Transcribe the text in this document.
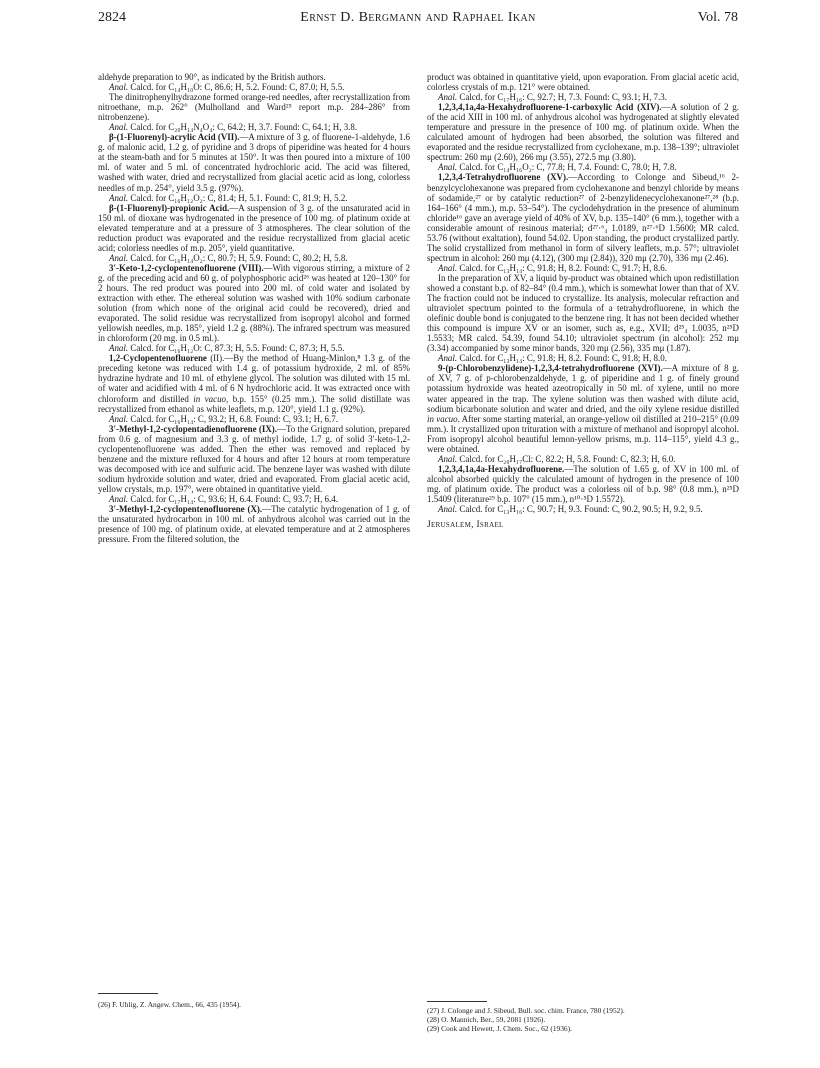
2824	Ernst D. Bergmann and Raphael Ikan	Vol. 78

aldehyde preparation to 90°, as indicated by the British authors.

Anal. Calcd. for C₁₄H₁₀O: C, 86.6; H, 5.2. Found: C, 87.0; H, 5.5.

The dinitrophenylhydrazone formed orange-red needles, after recrystallization from nitroethane, m.p. 262° (Mulholland and Ward²⁵ report m.p. 284–286° from nitrobenzene).

Anal. Calcd. for C₂₀H₁₄N₄O₄: C, 64.2; H, 3.7. Found: C, 64.1; H, 3.8.

β-(1-Fluorenyl)-acrylic Acid (VII).—A mixture of 3 g. of fluorene-1-aldehyde, 1.6 g. of malonic acid, 1.2 g. of pyridine and 3 drops of piperidine was heated for 4 hours at the steam-bath and for 5 minutes at 150°. It was then poured into a mixture of 100 ml. of water and 5 ml. of concentrated hydrochloric acid. The acid was filtered, washed with water, dried and recrystallized from glacial acetic acid as long, colorless needles of m.p. 254°, yield 3.5 g. (97%).

Anal. Calcd. for C₁₆H₁₂O₂: C, 81.4; H, 5.1. Found: C, 81.9; H, 5.2.

β-(1-Fluorenyl)-propionic Acid.—A suspension of 3 g. of the unsaturated acid in 150 ml. of dioxane was hydrogenated in the presence of 100 mg. of platinum oxide at elevated temperature and at a pressure of 3 atmospheres. The clear solution of the reduction product was evaporated and the residue recrystallized from glacial acetic acid; colorless needles of m.p. 205°, yield quantitative.

Anal. Calcd. for C₁₆H₁₄O₂: C, 80.7; H, 5.9. Found: C, 80.2; H, 5.8.

3′-Keto-1,2-cyclopentenofluorene (VIII).—With vigorous stirring, a mixture of 2 g. of the preceding acid and 60 g. of polyphosphoric acid²⁶ was heated at 120–130° for 2 hours. The red product was poured into 200 ml. of cold water and isolated by extraction with ether. The ethereal solution was washed with 10% sodium carbonate solution (from which none of the original acid could be recovered), dried and evaporated. The solid residue was recrystallized from isopropyl alcohol and formed yellowish needles, m.p. 185°, yield 1.2 g. (88%). The infrared spectrum was measured in chloroform (20 mg. in 0.5 ml.).

Anal. Calcd. for C₁₆H₁₂O: C, 87.3; H, 5.5. Found: C, 87.3; H, 5.5.

1,2-Cyclopentenofluorene (II).—By the method of Huang-Minlon,⁸ 1.3 g. of the preceding ketone was reduced with 1.4 g. of potassium hydroxide, 2 ml. of 85% hydrazine hydrate and 10 ml. of ethylene glycol. The solution was diluted with 15 ml. of water and acidified with 4 ml. of 6 N hydrochloric acid. It was extracted once with chloroform and distilled in vacuo, b.p. 155° (0.25 mm.). The solid distillate was recrystallized from ethanol as white leaflets, m.p. 120°, yield 1.1 g. (92%).

Anal. Calcd. for C₁₆H₁₄: C, 93.2; H, 6.8. Found: C, 93.1; H, 6.7.

3′-Methyl-1,2-cyclopentadienofluorene (IX).—To the Grignard solution, prepared from 0.6 g. of magnesium and 3.3 g. of methyl iodide, 1.7 g. of solid 3′-keto-1,2-cyclopentenofluorene was added. Then the ether was removed and replaced by benzene and the mixture refluxed for 4 hours and after 12 hours at room temperature was decomposed with ice and sulfuric acid. The benzene layer was washed with dilute sodium hydroxide solution and water, dried and evaporated. From glacial acetic acid, yellow crystals, m.p. 197°, were obtained in quantitative yield.

Anal. Calcd. for C₁₇H₁₄: C, 93.6; H, 6.4. Found: C, 93.7; H, 6.4.

3′-Methyl-1,2-cyclopentenofluorene (X).—The catalytic hydrogenation of 1 g. of the unsaturated hydrocarbon in 100 ml. of anhydrous alcohol was carried out in the presence of 100 mg. of platinum oxide, at elevated temperature and at 2 atmospheres pressure. From the filtered solution, the

product was obtained in quantitative yield, upon evaporation. From glacial acetic acid, colorless crystals of m.p. 121° were obtained.

Anal. Calcd. for C₁₇H₁₆: C, 92.7; H, 7.3. Found: C, 93.1; H, 7.3.

1,2,3,4,1a,4a-Hexahydrofluorene-1-carboxylic Acid (XIV).—A solution of 2 g. of the acid XIII in 100 ml. of anhydrous alcohol was hydrogenated at slightly elevated temperature and pressure in the presence of 100 mg. of platinum oxide. When the calculated amount of hydrogen had been absorbed, the solution was filtered and evaporated and the residue recrystallized from cyclohexane, m.p. 138–139°; ultraviolet spectrum: 260 mμ (2.60), 266 mμ (3.55), 272.5 mμ (3.80).

Anal. Calcd. for C₁₄H₁₆O₂: C, 77.8; H, 7.4. Found: C, 78.0; H, 7.8.

1,2,3,4-Tetrahydrofluorene (XV).—According to Colonge and Sibeud,¹⁶ 2-benzylcyclohexanone was prepared from cyclohexanone and benzyl chloride by means of sodamide,²⁷ or by catalytic reduction²⁷ of 2-benzylidenecyclohexanone²⁷,²⁸ (b.p. 164–166° (4 mm.), m.p. 53–54°). The cyclodehydration in the presence of aluminum chloride¹⁶ gave an average yield of 40% of XV, b.p. 135–140° (6 mm.), together with a considerable amount of resinous material; d²⁷·⁶₄ 1.0189, n²⁷·⁶D 1.5600; MR calcd. 53.76 (without exaltation), found 54.02. Upon standing, the product crystallized partly. The solid crystallized from methanol in form of silvery leaflets, m.p. 57°; ultraviolet spectrum in alcohol: 260 mμ (4.12), (300 mμ (2.84)), 320 mμ (2.70), 336 mμ (2.46).

Anal. Calcd. for C₁₃H₁₄: C, 91.8; H, 8.2. Found: C, 91.7; H, 8.6.

In the preparation of XV, a liquid by-product was obtained which upon redistillation showed a constant b.p. of 82–84° (0.4 mm.), which is somewhat lower than that of XV. The fraction could not be induced to crystallize. Its analysis, molecular refraction and ultraviolet spectrum pointed to the formula of a tetrahydrofluorene, in which the olefinic double bond is conjugated to the benzene ring. It has not been decided whether this compound is impure XV or an isomer, such as, e.g., XVII; d²⁵₄ 1.0035, n²⁵D 1.5533; MR calcd. 54.39, found 54.10; ultraviolet spectrum (in alcohol): 252 mμ (3.34) accompanied by some minor bands, 320 mμ (2.56), 335 mμ (1.87).

Anal. Calcd. for C₁₃H₁₄: C, 91.8; H, 8.2. Found: C, 91.8; H, 8.0.

9-(p-Chlorobenzylidene)-1,2,3,4-tetrahydrofluorene (XVI).—A mixture of 8 g. of XV, 7 g. of p-chlorobenzaldehyde, 1 g. of piperidine and 1 g. of finely ground potassium hydroxide was heated azeotropically in 50 ml. of xylene, until no more water appeared in the trap. The xylene solution was then washed with dilute acid, sodium bicarbonate solution and water and dried, and the oily xylene residue distilled in vacuo. After some starting material, an orange-yellow oil distilled at 210–215° (0.09 mm.). It crystallized upon trituration with a mixture of methanol and isopropyl alcohol. From isopropyl alcohol beautiful lemon-yellow prisms, m.p. 114–115°, yield 4.3 g., were obtained.

Anal. Calcd. for C₂₀H₁₇Cl: C, 82.2; H, 5.8. Found: C, 82.3; H, 6.0.

1,2,3,4,1a,4a-Hexahydrofluorene.—The solution of 1.65 g. of XV in 100 ml. of alcohol absorbed quickly the calculated amount of hydrogen in the presence of 100 mg. of platinum oxide. The product was a colorless oil of b.p. 98° (0.8 mm.), n²⁵D 1.5409 (literature²⁹ b.p. 107° (15 mm.), n¹⁰·⁵D 1.5572).

Anal. Calcd. for C₁₃H₁₆: C, 90.7; H, 9.3. Found: C, 90.2, 90.5; H, 9.2, 9.5.

Jerusalem, Israel

(26) F. Uhlig, Z. Angew. Chem., 66, 435 (1954).
(27) J. Colonge and J. Sibeud, Bull. soc. chim. France, 780 (1952).
(28) O. Mannich, Ber., 59, 2081 (1926).
(29) Cook and Hewett, J. Chem. Soc., 62 (1936).
